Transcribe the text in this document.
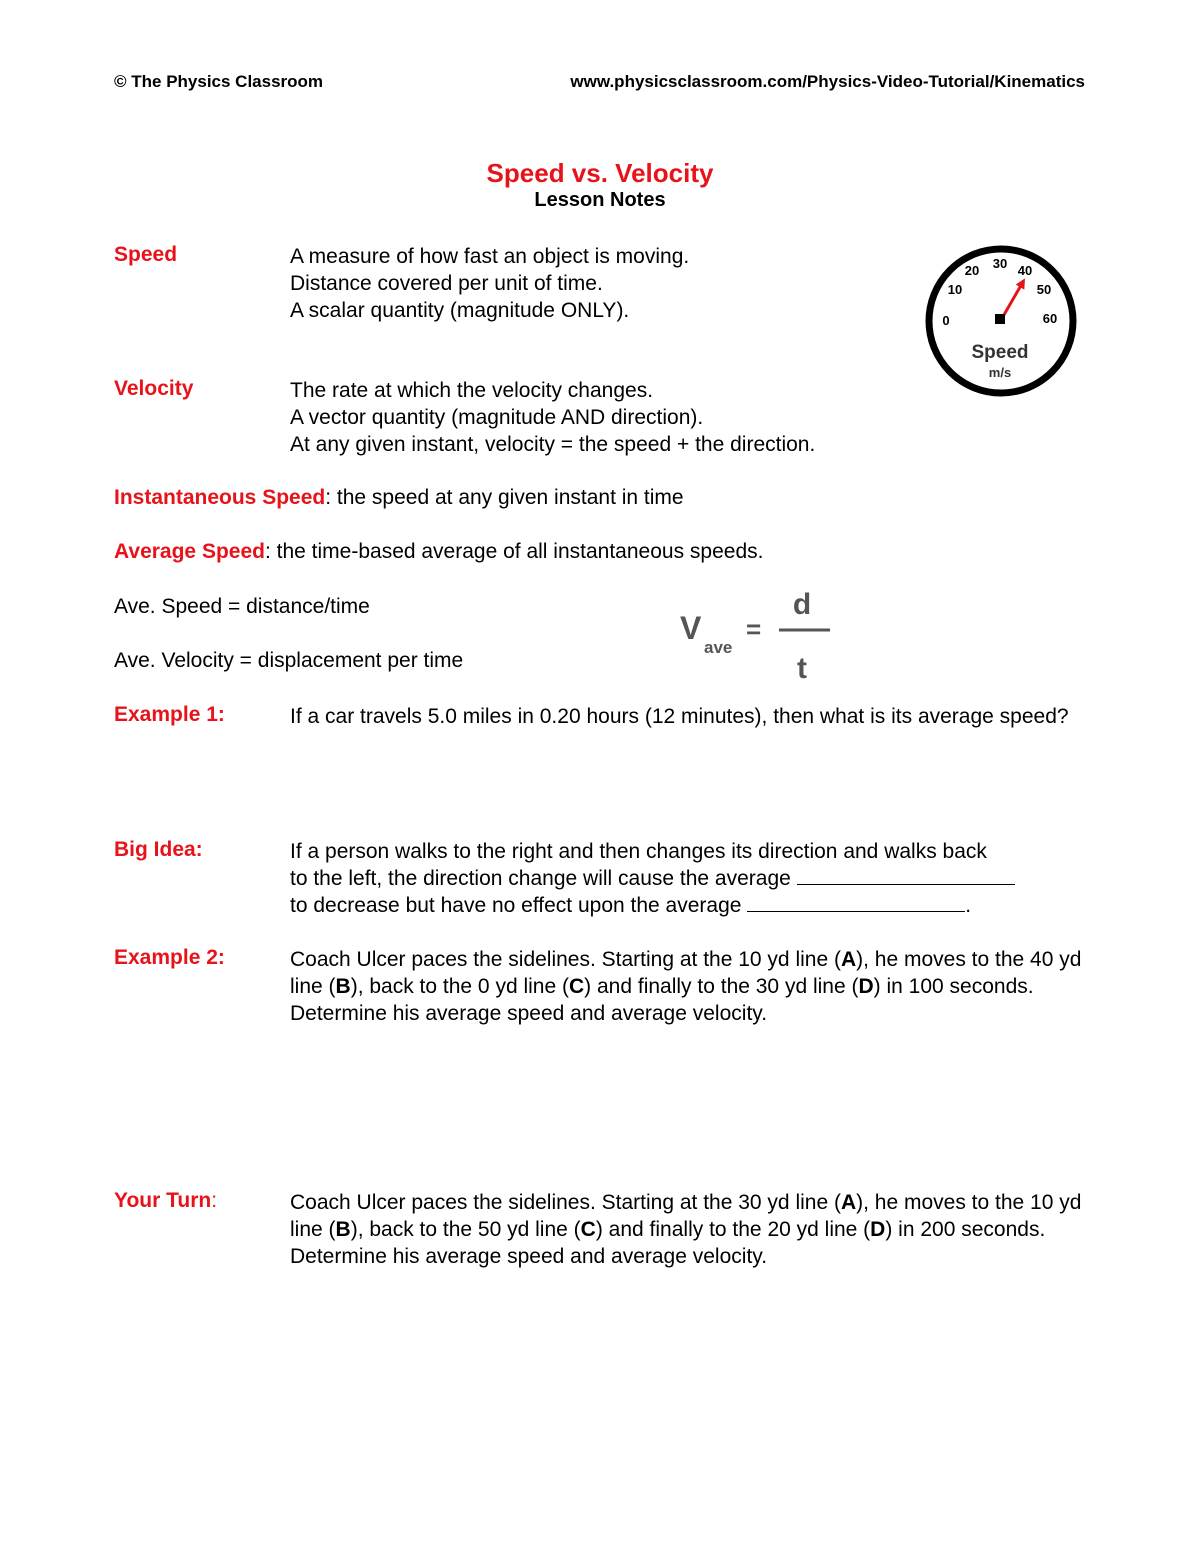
© The Physics Classroom	www.physicsclassroom.com/Physics-Video-Tutorial/Kinematics
Speed vs. Velocity
Lesson Notes
Speed	A measure of how fast an object is moving.
Distance covered per unit of time.
A scalar quantity (magnitude ONLY).	0
10
20 30 40
50
60
Speed
m/s
Velocity	The rate at which the velocity changes.
A vector quantity (magnitude AND direction).
At any given instant, velocity = the speed + the direction.
Instantaneous Speed: the speed at any given instant in time
Average Speed: the time-based average of all instantaneous speeds.
Ave. Speed = distance/time
Ave. Velocity = displacement per time
V
ave
=
d
t
Example 1:	If a car travels 5.0 miles in 0.20 hours (12 minutes), then what is its average speed?
Big Idea:	If a person walks to the right and then changes its direction and walks back
to the left, the direction change will cause the average
to decrease but have no effect upon the average	.
Example 2:	Coach Ulcer paces the sidelines. Starting at the 10 yd line (A), he moves to the 40 yd line (B), back to the 0 yd line (C) and finally to the 30 yd line (D) in 100 seconds. Determine his average speed and average velocity.
Your Turn:	Coach Ulcer paces the sidelines. Starting at the 30 yd line (A), he moves to the 10 yd line (B), back to the 50 yd line (C) and finally to the 20 yd line (D) in 200 seconds. Determine his average speed and average velocity.
